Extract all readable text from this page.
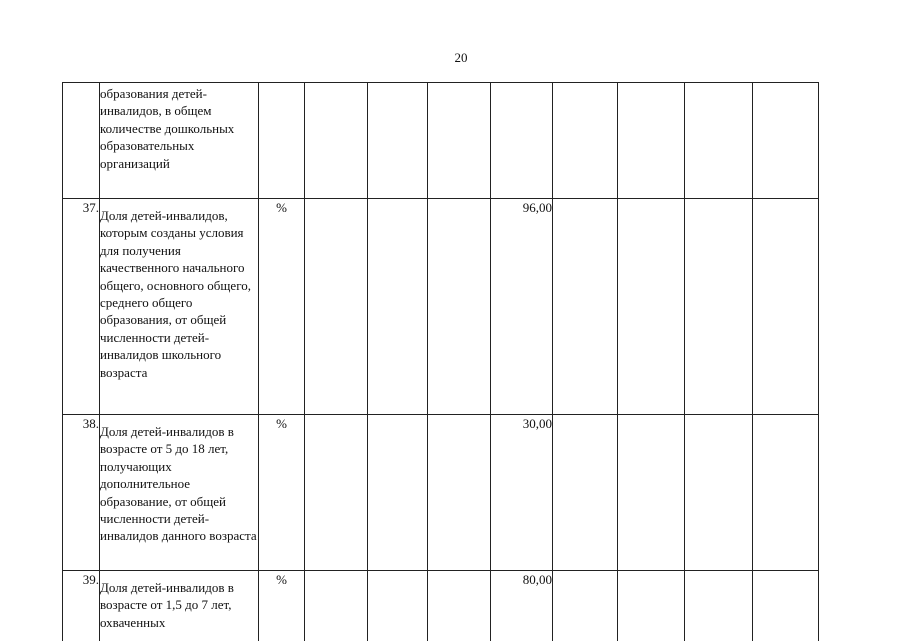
20
	образования детей-инвалидов, в общем количестве дошкольных образовательных организаций									
37.	Доля детей-инвалидов, которым созданы условия для получения качественного начального общего, основного общего, среднего общего образования, от общей численности детей-инвалидов школьного возраста	%				96,00				
38.	Доля детей-инвалидов в возрасте от 5 до 18 лет, получающих дополнительное образование, от общей численности детей-инвалидов данного возраста	%				30,00				
39.	Доля детей-инвалидов в возрасте от 1,5 до 7 лет, охваченных	%				80,00				
